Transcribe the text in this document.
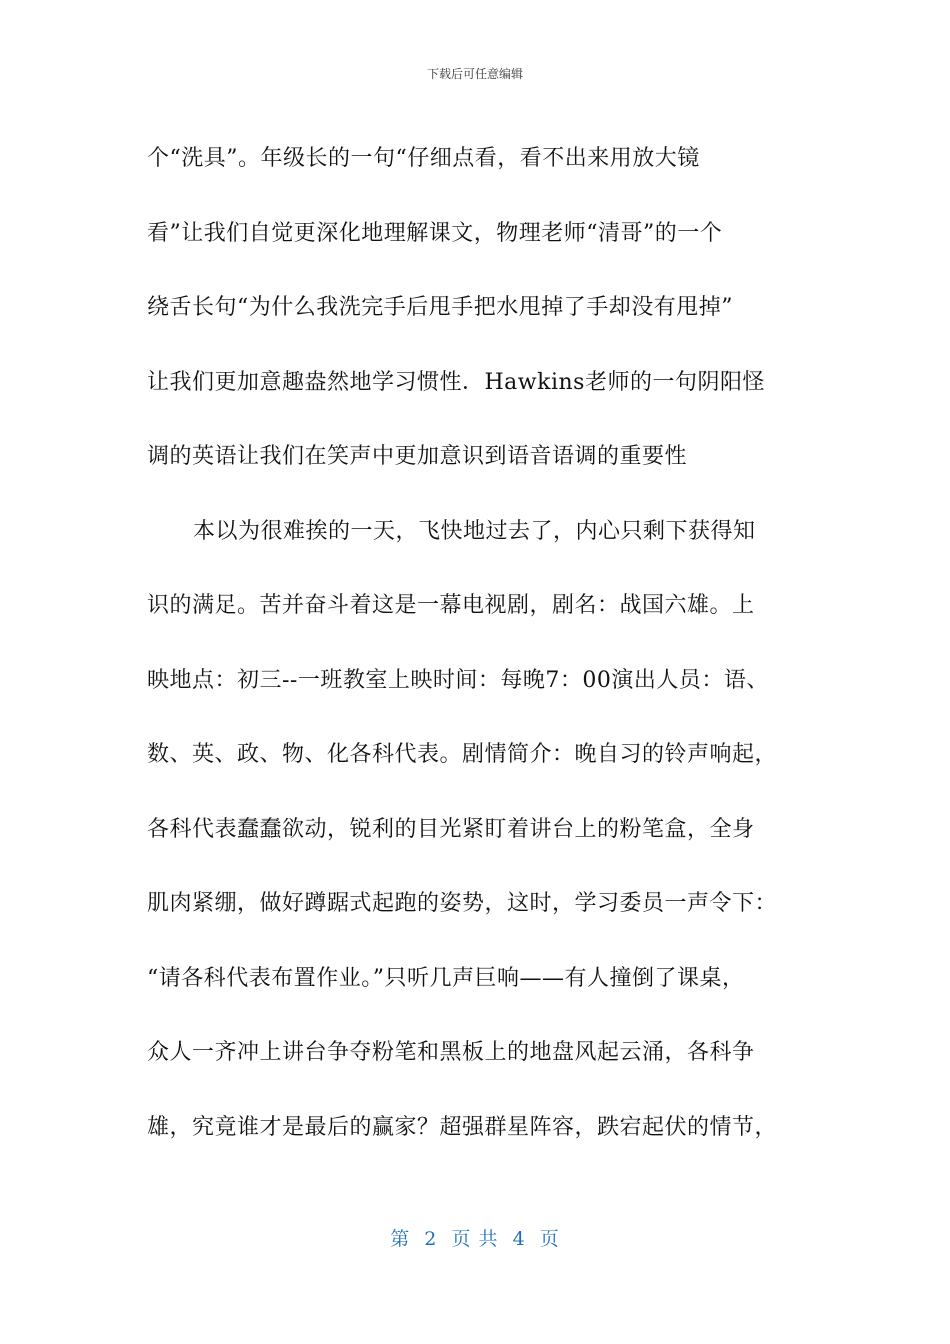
下载后可任意编辑
个“洗具”。年级长的一句“仔细点看，看不出来用放大镜
看”让我们自觉更深化地理解课文，物理老师“清哥”的一个
绕舌长句“为什么我洗完手后甩手把水甩掉了手却没有甩掉”
让我们更加意趣盎然地学习惯性．Hawkins老师的一句阴阳怪
调的英语让我们在笑声中更加意识到语音语调的重要性
本以为很难挨的一天，飞快地过去了，内心只剩下获得知
识的满足。苦并奋斗着这是一幕电视剧，剧名：战国六雄。上
映地点：初三--一班教室上映时间：每晚7：00演出人员：语、
数、英、政、物、化各科代表。剧情简介：晚自习的铃声响起，
各科代表蠢蠢欲动，锐利的目光紧盯着讲台上的粉笔盒，全身
肌肉紧绷，做好蹲踞式起跑的姿势，这时，学习委员一声令下：
“请各科代表布置作业。”只听几声巨响——有人撞倒了课桌，
众人一齐冲上讲台争夺粉笔和黑板上的地盘风起云涌，各科争
雄，究竟谁才是最后的赢家？超强群星阵容，跌宕起伏的情节，
第  2  页 共  4  页
